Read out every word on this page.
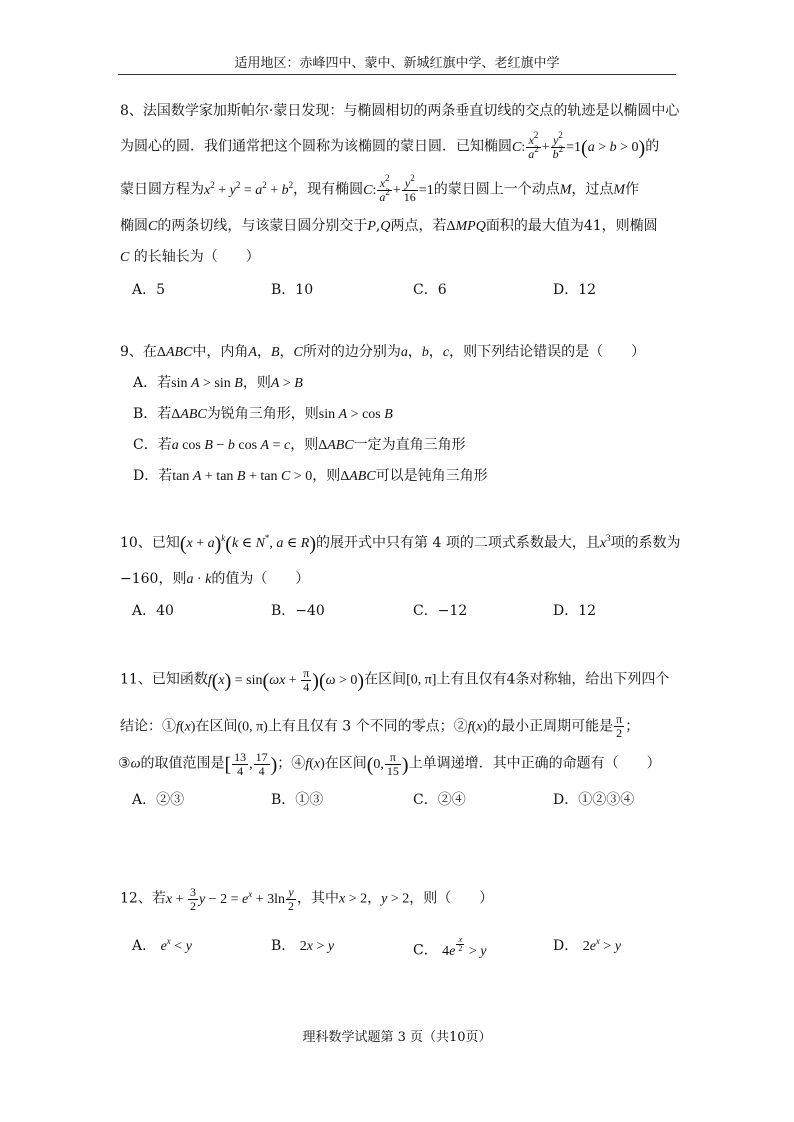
适用地区：赤峰四中、蒙中、新城红旗中学、老红旗中学
8、法国数学家加斯帕尔·蒙日发现：与椭圆相切的两条垂直切线的交点的轨迹是以椭圆中心
为圆心的圆．我们通常把这个圆称为该椭圆的蒙日圆．已知椭圆C: $\frac{x^2}{a^2} + \frac{y^2}{b^2} =1(a > b > 0)$的
蒙日圆方程为$x^2 + y^2 = a^2 + b^2$，现有椭圆C: $\frac{x^2}{a^2} + \frac{y^2}{16} =1$的蒙日圆上一个动点M，过点M作
椭圆C的两条切线，与该蒙日圆分别交于P,Q两点，若ΔMPQ面积的最大值为41，则椭圆
C 的长轴长为（　　）
A．5	B．10	C．6	D．12
9、在ΔABC中，内角A，B，C所对的边分别为a，b，c，则下列结论错误的是（　　）
A．若sin A > sin B，则A > B
B．若ΔABC为锐角三角形，则sin A > cos B
C．若a cos B − b cos A = c，则ΔABC一定为直角三角形
D．若tan A + tan B + tan C > 0，则ΔABC可以是钝角三角形
10、已知$(x + a)^k(k$ ∈ N*, a ∈ R)的展开式中只有第 4 项的二项式系数最大，且$x^3$项的系数为
−160，则a · k的值为（　　）
A．40	B．−40	C．−12	D．12
11、已知函数$f(x) = \sin(\omega x + \frac{\pi}{4} )(\omega > 0)$在区间[0, π]上有且仅有4条对称轴，给出下列四个
结论：①f(x)在区间(0, π)上有且仅有 3 个不同的零点；②f(x)的最小正周期可能是 $\frac{\pi}{2}$ ；
③ω的取值范围是[ $\frac{13}{4}$ , $\frac{17}{4}$ )；④f(x)在区间(0, $\frac{\pi}{15}$ )上单调递增．其中正确的命题有（　　）
A．②③	B．①③	C．②④	D．①②③④
12、若$x + \frac{3}{2}$ $y - 2 = e^x + 3\ln \frac{y}{2}$ ，其中x > 2，y > 2，则（　　）
A． $e^x < y$	B． 2x > y	C． 4e $^{\frac{x}{2}}$ > y	D． $2e^x > y$
理科数学试题第 3 页（共10页）
